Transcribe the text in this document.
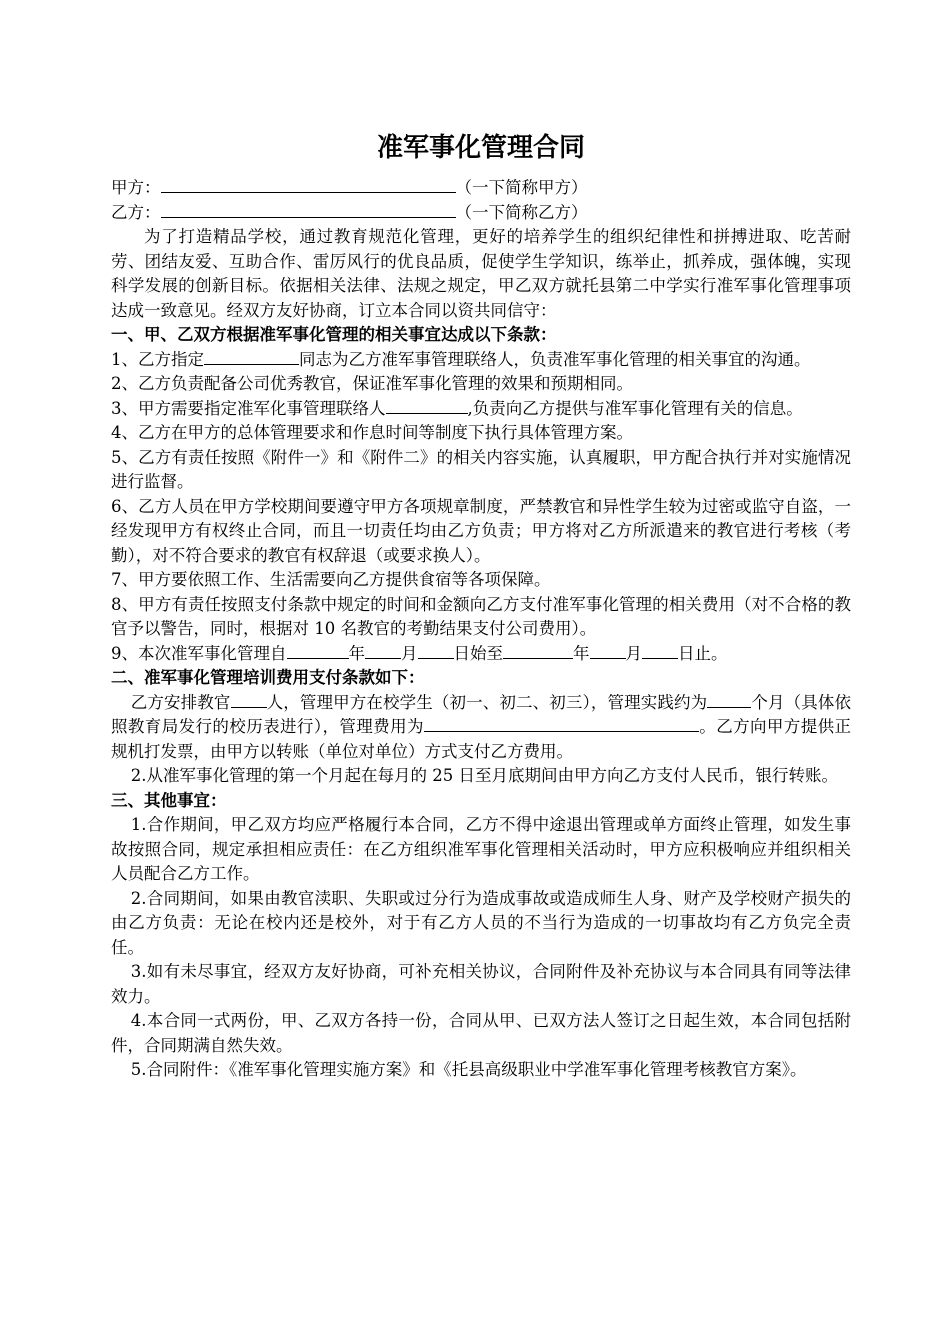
准军事化管理合同

甲方：	（一下简称甲方）

乙方：	（一下简称乙方）

为了打造精品学校，通过教育规范化管理，更好的培养学生的组织纪律性和拼搏进取、吃苦耐劳、团结友爱、互助合作、雷厉风行的优良品质，促使学生学知识，练举止，抓养成，强体魄，实现科学发展的创新目标。依据相关法律、法规之规定，甲乙双方就托县第二中学实行准军事化管理事项达成一致意见。经双方友好协商，订立本合同以资共同信守：

一、甲、乙双方根据准军事化管理的相关事宜达成以下条款：

1、乙方指定	同志为乙方准军事管理联络人，负责准军事化管理的相关事宜的沟通。

2、乙方负责配备公司优秀教官，保证准军事化管理的效果和预期相同。

3、甲方需要指定准军化事管理联络人	,负责向乙方提供与准军事化管理有关的信息。

4、乙方在甲方的总体管理要求和作息时间等制度下执行具体管理方案。

5、乙方有责任按照《附件一》和《附件二》的相关内容实施，认真履职，甲方配合执行并对实施情况进行监督。

6、乙方人员在甲方学校期间要遵守甲方各项规章制度，严禁教官和异性学生较为过密或监守自盗，一经发现甲方有权终止合同，而且一切责任均由乙方负责；甲方将对乙方所派遣来的教官进行考核（考勤），对不符合要求的教官有权辞退（或要求换人）。

7、甲方要依照工作、生活需要向乙方提供食宿等各项保障。

8、甲方有责任按照支付条款中规定的时间和金额向乙方支付准军事化管理的相关费用（对不合格的教官予以警告，同时，根据对 10 名教官的考勤结果支付公司费用）。

9、本次准军事化管理自	年 月 日始至	年 月 日止。

二、准军事化管理培训费用支付条款如下：

乙方安排教官 人，管理甲方在校学生（初一、初二、初三），管理实践约为	个月（具体依照教育局发行的校历表进行），管理费用为	。乙方向甲方提供正规机打发票，由甲方以转账（单位对单位）方式支付乙方费用。

2.从准军事化管理的第一个月起在每月的 25 日至月底期间由甲方向乙方支付人民币，银行转账。

三、其他事宜：

1.合作期间，甲乙双方均应严格履行本合同，乙方不得中途退出管理或单方面终止管理，如发生事故按照合同，规定承担相应责任：在乙方组织准军事化管理相关活动时，甲方应积极响应并组织相关人员配合乙方工作。

2.合同期间，如果由教官渎职、失职或过分行为造成事故或造成师生人身、财产及学校财产损失的由乙方负责：无论在校内还是校外，对于有乙方人员的不当行为造成的一切事故均有乙方负完全责任。

3.如有未尽事宜，经双方友好协商，可补充相关协议，合同附件及补充协议与本合同具有同等法律效力。

4.本合同一式两份，甲、乙双方各持一份，合同从甲、已双方法人签订之日起生效，本合同包括附件，合同期满自然失效。

5.合同附件：《准军事化管理实施方案》和《托县高级职业中学准军事化管理考核教官方案》。
